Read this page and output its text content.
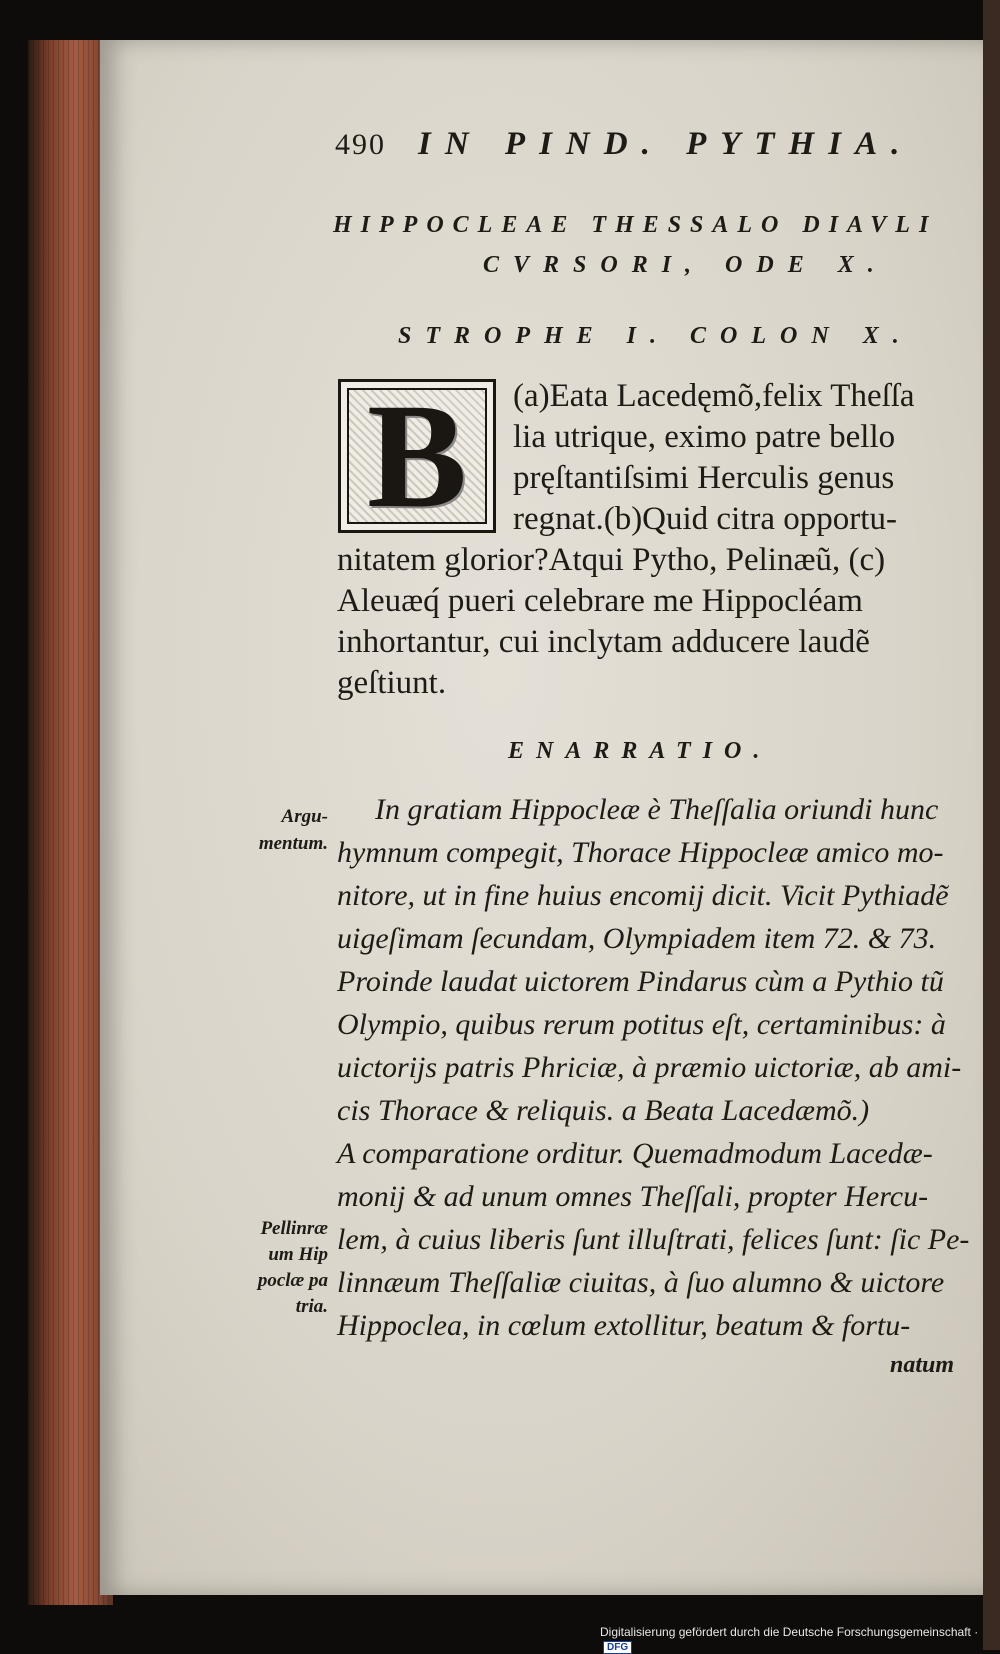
490 IN PIND. PYTHIA.
HIPPOCLEAE THESSALO DIAVLI
CVRSORI, ODE X.
STROPHE I. COLON X.
B	(a)Eata Lacedęmõ,felix Theſſa
lia utrique, eximo patre bello
pręſtantiſsimi Herculis genus
regnat.(b)Quid citra opportu-
nitatem glorior?Atqui Pytho, Pelinæũ, (c)
Aleuæq́ pueri celebrare me Hippocléam
inhortantur, cui inclytam adducere laudẽ
geſtiunt.
ENARRATIO.
In gratiam Hippocleæ è Theſſalia oriundi hunc
hymnum compegit, Thorace Hippocleæ amico mo-
nitore, ut in fine huius encomij dicit. Vicit Pythiadẽ
uigeſimam ſecundam, Olympiadem item 72. & 73.
Proinde laudat uictorem Pindarus cùm a Pythio tũ
Olympio, quibus rerum potitus eſt, certaminibus: à
uictorijs patris Phriciæ, à præmio uictoriæ, ab ami-
cis Thorace & reliquis. a Beata Lacedæmõ.)
A comparatione orditur. Quemadmodum Lacedæ-
monij & ad unum omnes Theſſali, propter Hercu-
lem, à cuius liberis ſunt illuſtrati, felices ſunt: ſic Pe-
linnæum Theſſaliæ ciuitas, à ſuo alumno & uictore
Hippoclea, in cœlum extollitur, beatum & fortu-
natum
Argu-
mentum.
Pellinræ
um Hip
poclæ pa
tria.
Digitalisierung gefördert durch die Deutsche Forschungsgemeinschaft ·DFG
